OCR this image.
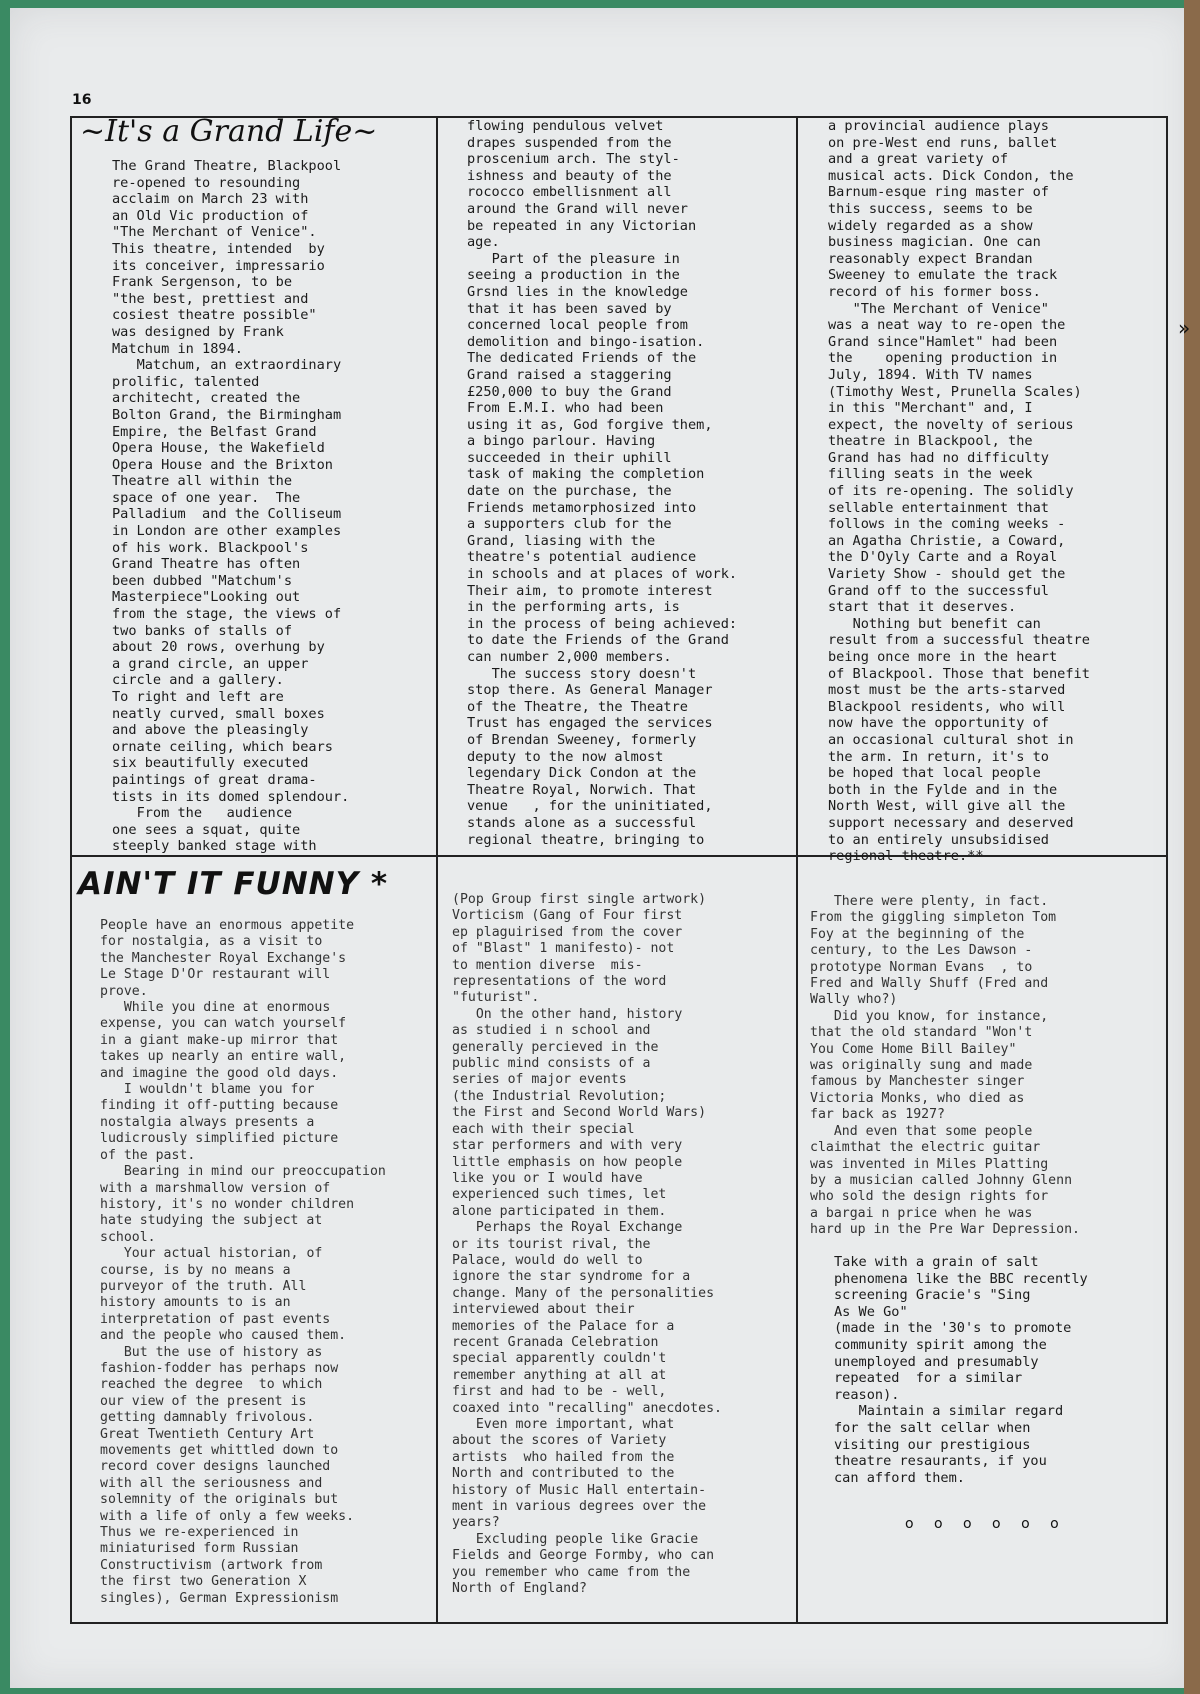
16
»
~It's a Grand Life~
The Grand Theatre, Blackpool
re-opened to resounding
acclaim on March 23 with
an Old Vic production of
"The Merchant of Venice".
This theatre, intended  by
its conceiver, impressario
Frank Sergenson, to be
"the best, prettiest and
cosiest theatre possible"
was designed by Frank
Matchum in 1894.
Matchum, an extraordinary
prolific, talented
architecht, created the
Bolton Grand, the Birmingham
Empire, the Belfast Grand
Opera House, the Wakefield
Opera House and the Brixton
Theatre all within the
space of one year.  The
Palladium  and the Colliseum
in London are other examples
of his work. Blackpool's
Grand Theatre has often
been dubbed "Matchum's
Masterpiece"Looking out
from the stage, the views of
two banks of stalls of
about 20 rows, overhung by
a grand circle, an upper
circle and a gallery.
To right and left are
neatly curved, small boxes
and above the pleasingly
ornate ceiling, which bears
six beautifully executed
paintings of great drama-
tists in its domed splendour.
From the   audience
one sees a squat, quite
steeply banked stage with
flowing pendulous velvet
drapes suspended from the
proscenium arch. The styl-
ishness and beauty of the
rococco embellisnment all
around the Grand will never
be repeated in any Victorian
age.
Part of the pleasure in
seeing a production in the
Grsnd lies in the knowledge
that it has been saved by
concerned local people from
demolition and bingo-isation.
The dedicated Friends of the
Grand raised a staggering
£250,000 to buy the Grand
From E.M.I. who had been
using it as, God forgive them,
a bingo parlour. Having
succeeded in their uphill
task of making the completion
date on the purchase, the
Friends metamorphosized into
a supporters club for the
Grand, liasing with the
theatre's potential audience
in schools and at places of work.
Their aim, to promote interest
in the performing arts, is
in the process of being achieved:
to date the Friends of the Grand
can number 2,000 members.
The success story doesn't
stop there. As General Manager
of the Theatre, the Theatre
Trust has engaged the services
of Brendan Sweeney, formerly
deputy to the now almost
legendary Dick Condon at the
Theatre Royal, Norwich. That
venue   , for the uninitiated,
stands alone as a successful
regional theatre, bringing to
a provincial audience plays
on pre-West end runs, ballet
and a great variety of
musical acts. Dick Condon, the
Barnum-esque ring master of
this success, seems to be
widely regarded as a show
business magician. One can
reasonably expect Brandan
Sweeney to emulate the track
record of his former boss.
"The Merchant of Venice"
was a neat way to re-open the
Grand since"Hamlet" had been
the    opening production in
July, 1894. With TV names
(Timothy West, Prunella Scales)
in this "Merchant" and, I
expect, the novelty of serious
theatre in Blackpool, the
Grand has had no difficulty
filling seats in the week
of its re-opening. The solidly
sellable entertainment that
follows in the coming weeks -
an Agatha Christie, a Coward,
the D'Oyly Carte and a Royal
Variety Show - should get the
Grand off to the successful
start that it deserves.
Nothing but benefit can
result from a successful theatre
being once more in the heart
of Blackpool. Those that benefit
most must be the arts-starved
Blackpool residents, who will
now have the opportunity of
an occasional cultural shot in
the arm. In return, it's to
be hoped that local people
both in the Fylde and in the
North West, will give all the
support necessary and deserved
to an entirely unsubsidised
regional theatre.**
AIN'T IT FUNNY *
People have an enormous appetite
for nostalgia, as a visit to
the Manchester Royal Exchange's
Le Stage D'Or restaurant will
prove.
While you dine at enormous
expense, you can watch yourself
in a giant make-up mirror that
takes up nearly an entire wall,
and imagine the good old days.
I wouldn't blame you for
finding it off-putting because
nostalgia always presents a
ludicrously simplified picture
of the past.
Bearing in mind our preoccupation
with a marshmallow version of
history, it's no wonder children
hate studying the subject at
school.
Your actual historian, of
course, is by no means a
purveyor of the truth. All
history amounts to is an
interpretation of past events
and the people who caused them.
But the use of history as
fashion-fodder has perhaps now
reached the degree  to which
our view of the present is
getting damnably frivolous.
Great Twentieth Century Art
movements get whittled down to
record cover designs launched
with all the seriousness and
solemnity of the originals but
with a life of only a few weeks.
Thus we re-experienced in
miniaturised form Russian
Constructivism (artwork from
the first two Generation X
singles), German Expressionism
(Pop Group first single artwork)
Vorticism (Gang of Four first
ep plaguirised from the cover
of "Blast" 1 manifesto)- not
to mention diverse  mis-
representations of the word
"futurist".
On the other hand, history
as studied i n school and
generally percieved in the
public mind consists of a
series of major events
(the Industrial Revolution;
the First and Second World Wars)
each with their special
star performers and with very
little emphasis on how people
like you or I would have
experienced such times, let
alone participated in them.
Perhaps the Royal Exchange
or its tourist rival, the
Palace, would do well to
ignore the star syndrome for a
change. Many of the personalities
interviewed about their
memories of the Palace for a
recent Granada Celebration
special apparently couldn't
remember anything at all at
first and had to be - well,
coaxed into "recalling" anecdotes.
Even more important, what
about the scores of Variety
artists  who hailed from the
North and contributed to the
history of Music Hall entertain-
ment in various degrees over the
years?
Excluding people like Gracie
Fields and George Formby, who can
you remember who came from the
North of England?
There were plenty, in fact.
From the giggling simpleton Tom
Foy at the beginning of the
century, to the Les Dawson -
prototype Norman Evans  , to
Fred and Wally Shuff (Fred and
Wally who?)
Did you know, for instance,
that the old standard "Won't
You Come Home Bill Bailey"
was originally sung and made
famous by Manchester singer
Victoria Monks, who died as
far back as 1927?
And even that some people
claimthat the electric guitar
was invented in Miles Platting
by a musician called Johnny Glenn
who sold the design rights for
a bargai n price when he was
hard up in the Pre War Depression.
Take with a grain of salt
phenomena like the BBC recently
screening Gracie's "Sing
As We Go"
(made in the '30's to promote
community spirit among the
unemployed and presumably
repeated  for a similar
reason).
Maintain a similar regard
for the salt cellar when
visiting our prestigious
theatre resaurants, if you
can afford them.
o o o o o o
